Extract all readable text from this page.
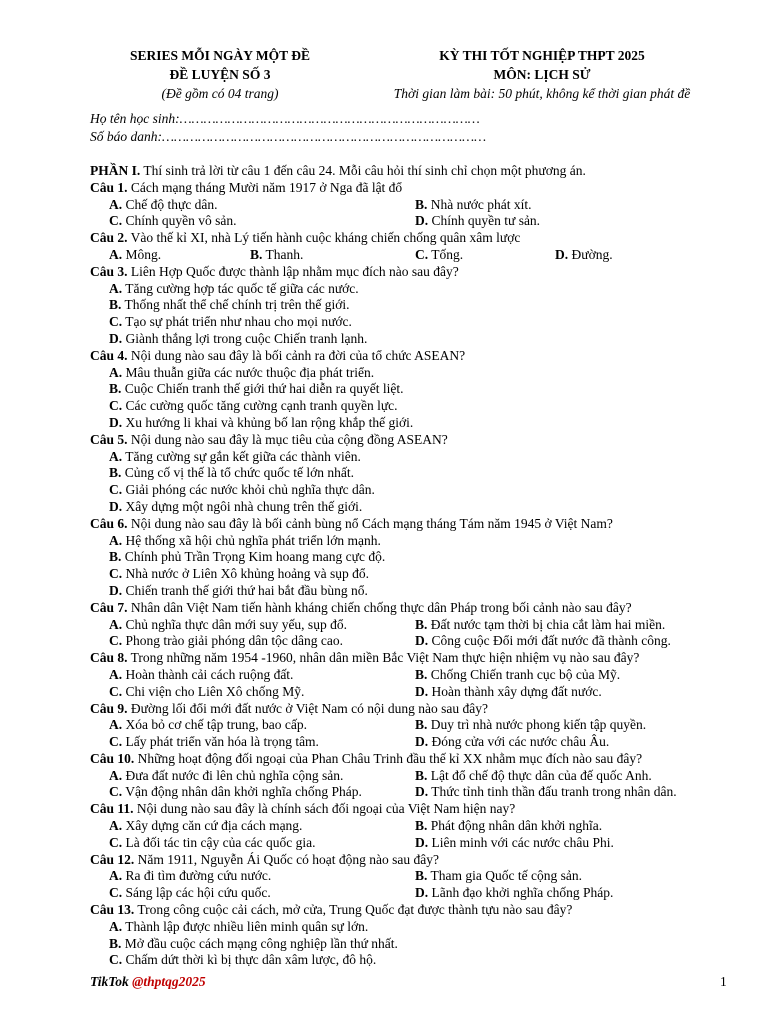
SERIES MỖI NGÀY MỘT ĐỀ
ĐỀ LUYỆN SỐ 3
(Đề gồm có 04 trang)
KỲ THI TỐT NGHIỆP THPT 2025
MÔN: LỊCH SỬ
Thời gian làm bài: 50 phút, không kể thời gian phát đề
Họ tên học sinh:…………………………………………………………………
Số báo danh:………………………………………………………………………
PHẦN I. Thí sinh trả lời từ câu 1 đến câu 24. Mỗi câu hỏi thí sinh chỉ chọn một phương án.
Câu 1. Cách mạng tháng Mười năm 1917 ở Nga đã lật đổ
A. Chế độ thực dân.	B. Nhà nước phát xít.
C. Chính quyền vô sản.	D. Chính quyền tư sản.
Câu 2. Vào thế kỉ XI, nhà Lý tiến hành cuộc kháng chiến chống quân xâm lược
A. Mông.	B. Thanh.	C. Tống.	D. Đường.
Câu 3. Liên Hợp Quốc được thành lập nhằm mục đích nào sau đây?
A. Tăng cường hợp tác quốc tế giữa các nước.
B. Thống nhất thể chế chính trị trên thế giới.
C. Tạo sự phát triển như nhau cho mọi nước.
D. Giành thắng lợi trong cuộc Chiến tranh lạnh.
Câu 4. Nội dung nào sau đây là bối cảnh ra đời của tổ chức ASEAN?
A. Mâu thuẫn giữa các nước thuộc địa phát triển.
B. Cuộc Chiến tranh thế giới thứ hai diễn ra quyết liệt.
C. Các cường quốc tăng cường cạnh tranh quyền lực.
D. Xu hướng li khai và khủng bố lan rộng khắp thế giới.
Câu 5. Nội dung nào sau đây là mục tiêu của cộng đồng ASEAN?
A. Tăng cường sự gắn kết giữa các thành viên.
B. Củng cố vị thế là tổ chức quốc tế lớn nhất.
C. Giải phóng các nước khỏi chủ nghĩa thực dân.
D. Xây dựng một ngôi nhà chung trên thế giới.
Câu 6. Nội dung nào sau đây là bối cảnh bùng nổ Cách mạng tháng Tám năm 1945 ở Việt Nam?
A. Hệ thống xã hội chủ nghĩa phát triển lớn mạnh.
B. Chính phủ Trần Trọng Kim hoang mang cực độ.
C. Nhà nước ở Liên Xô khủng hoảng và sụp đổ.
D. Chiến tranh thế giới thứ hai bắt đầu bùng nổ.
Câu 7. Nhân dân Việt Nam tiến hành kháng chiến chống thực dân Pháp trong bối cảnh nào sau đây?
A. Chủ nghĩa thực dân mới suy yếu, sụp đổ.	B. Đất nước tạm thời bị chia cắt làm hai miền.
C. Phong trào giải phóng dân tộc dâng cao.	D. Công cuộc Đổi mới đất nước đã thành công.
Câu 8. Trong những năm 1954 -1960, nhân dân miền Bắc Việt Nam thực hiện nhiệm vụ nào sau đây?
A. Hoàn thành cải cách ruộng đất.	B. Chống Chiến tranh cục bộ của Mỹ.
C. Chi viện cho Liên Xô chống Mỹ.	D. Hoàn thành xây dựng đất nước.
Câu 9. Đường lối đổi mới đất nước ở Việt Nam có nội dung nào sau đây?
A. Xóa bỏ cơ chế tập trung, bao cấp.	B. Duy trì nhà nước phong kiến tập quyền.
C. Lấy phát triển văn hóa là trọng tâm.	D. Đóng cửa với các nước châu Âu.
Câu 10. Những hoạt động đối ngoại của Phan Châu Trinh đầu thế kỉ XX nhằm mục đích nào sau đây?
A. Đưa đất nước đi lên chủ nghĩa cộng sản.	B. Lật đổ chế độ thực dân của đế quốc Anh.
C. Vận động nhân dân khởi nghĩa chống Pháp.	D. Thức tỉnh tinh thần đấu tranh trong nhân dân.
Câu 11. Nội dung nào sau đây là chính sách đối ngoại của Việt Nam hiện nay?
A. Xây dựng căn cứ địa cách mạng.	B. Phát động nhân dân khởi nghĩa.
C. Là đối tác tin cậy của các quốc gia.	D. Liên minh với các nước châu Phi.
Câu 12. Năm 1911, Nguyễn Ái Quốc có hoạt động nào sau đây?
A. Ra đi tìm đường cứu nước.	B. Tham gia Quốc tế cộng sản.
C. Sáng lập các hội cứu quốc.	D. Lãnh đạo khởi nghĩa chống Pháp.
Câu 13. Trong công cuộc cải cách, mở cửa, Trung Quốc đạt được thành tựu nào sau đây?
A. Thành lập được nhiều liên minh quân sự lớn.
B. Mở đầu cuộc cách mạng công nghiệp lần thứ nhất.
C. Chấm dứt thời kì bị thực dân xâm lược, đô hộ.
TikTok @thptqg2025	1
